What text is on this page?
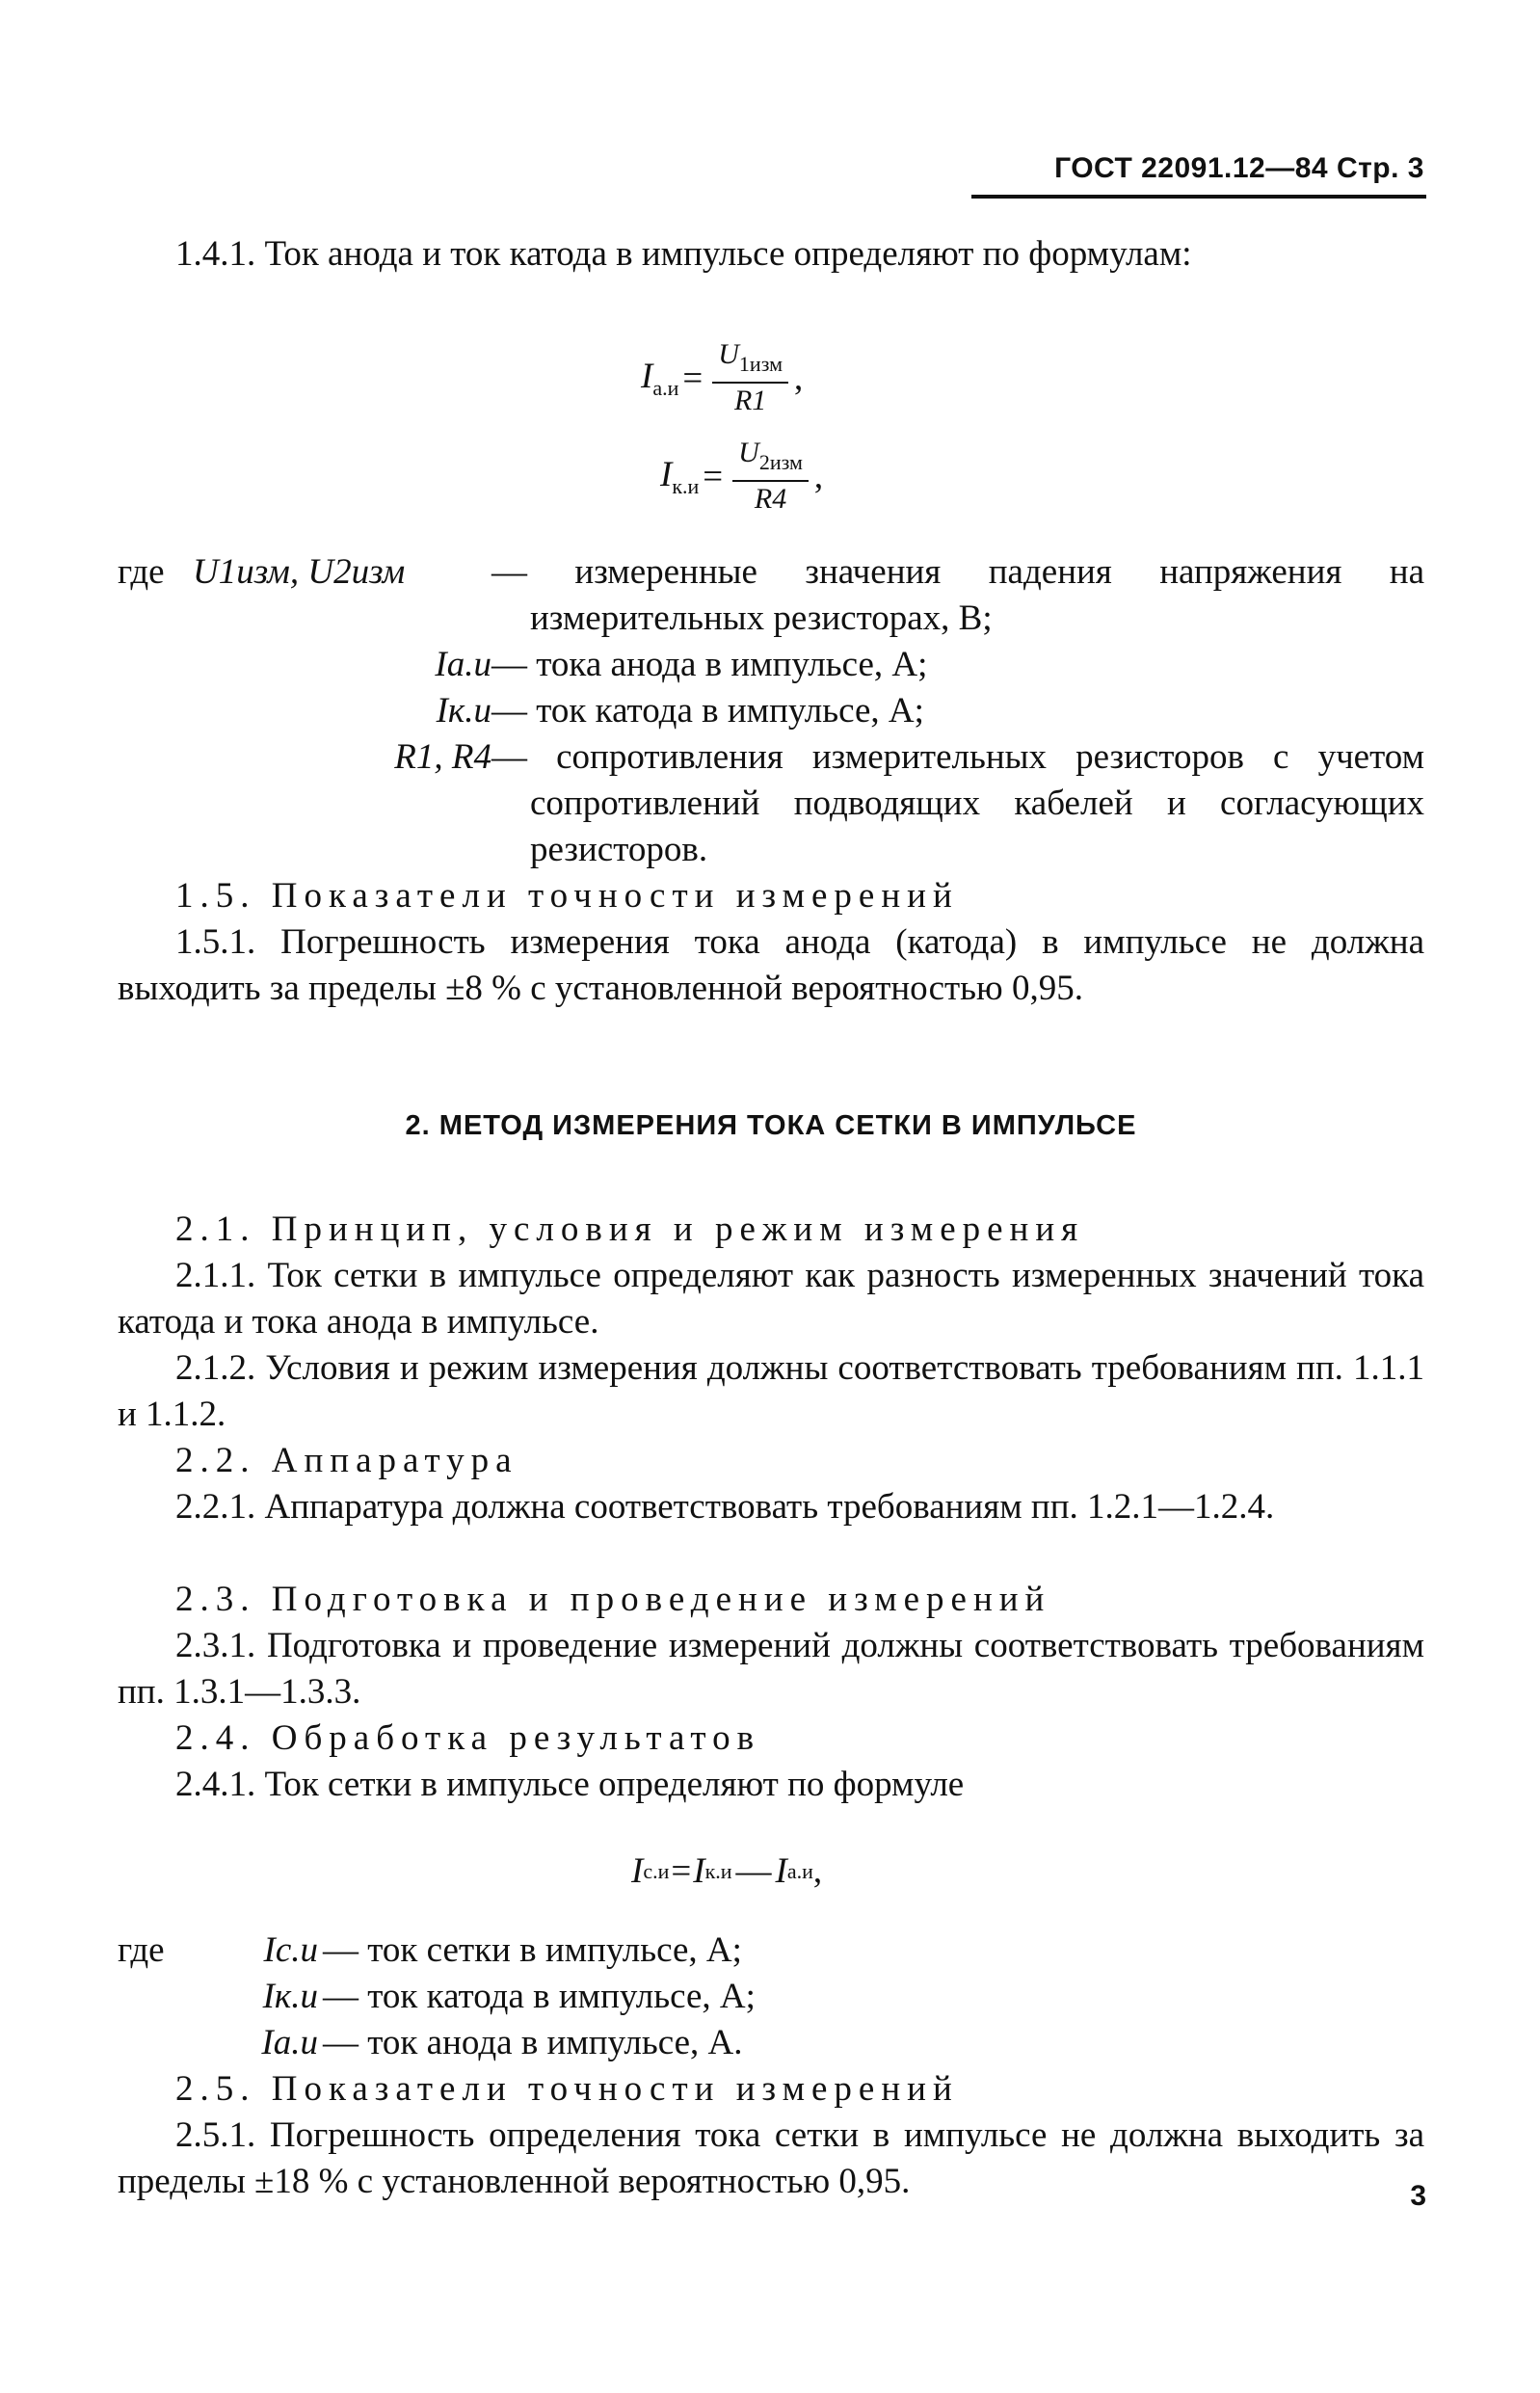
ГОСТ 22091.12—84 Стр. 3
1.4.1. Ток анода и ток катода в импульсе определяют по формулам:
$I_{а.и} = \frac{U_{1изм}}{R1}$ ,
$I_{к.и} = \frac{U_{2изм}}{R4}$ ,
где U1изм, U2изм	— измеренные значения падения напряжения на измерительных резисторах, В;
Iа.и — тока анода в импульсе, А;
Iк.и — ток катода в импульсе, А;
R1, R4 — сопротивления измерительных резисторов с учетом сопротивлений подводящих кабелей и согласующих резисторов.
1.5. Показатели точности измерений
1.5.1. Погрешность измерения тока анода (катода) в импульсе не должна выходить за пределы ±8 % с установленной вероятностью 0,95.
2. МЕТОД ИЗМЕРЕНИЯ ТОКА СЕТКИ В ИМПУЛЬСЕ
2.1. Принцип, условия и режим измерения
2.1.1. Ток сетки в импульсе определяют как разность измеренных значений тока катода и тока анода в импульсе.
2.1.2. Условия и режим измерения должны соответствовать требованиям пп. 1.1.1 и 1.1.2.
2.2. Аппаратура
2.2.1. Аппаратура должна соответствовать требованиям пп. 1.2.1—1.2.4.
2.3. Подготовка и проведение измерений
2.3.1. Подготовка и проведение измерений должны соответствовать требованиям пп. 1.3.1—1.3.3.
2.4. Обработка результатов
2.4.1. Ток сетки в импульсе определяют по формуле
I с.и = I к.и — I а.и ,
где	Iс.и — ток сетки в импульсе, А;
Iк.и — ток катода в импульсе, А;
Iа.и — ток анода в импульсе, А.
2.5. Показатели точности измерений
2.5.1. Погрешность определения тока сетки в импульсе не должна выходить за пределы ±18 % с установленной вероятностью 0,95.	3
